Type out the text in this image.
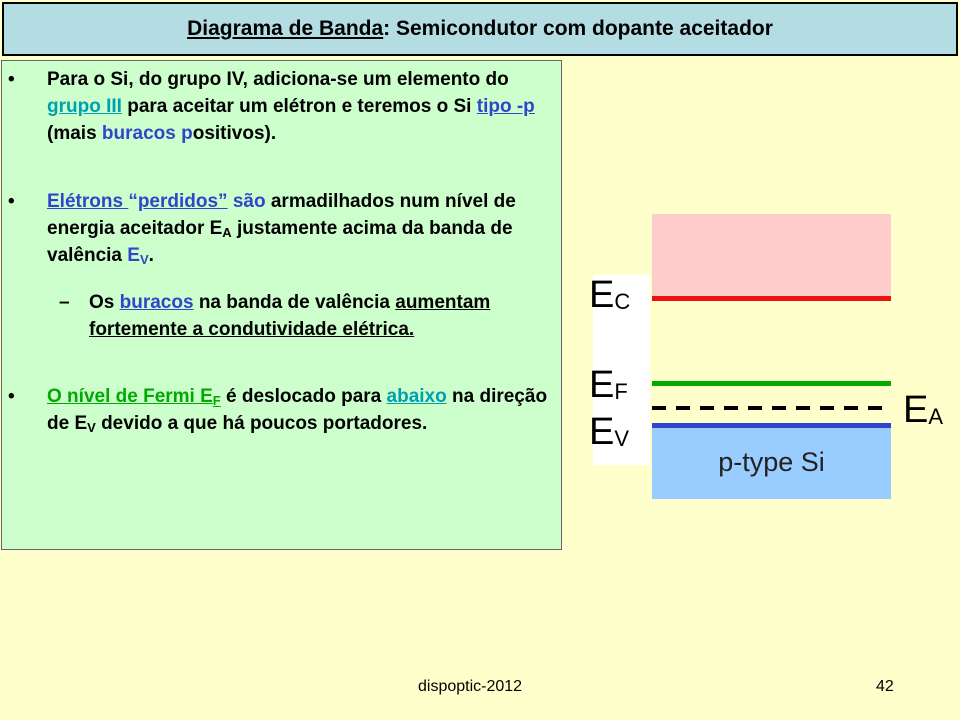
Diagrama de Banda: Semicondutor com dopante aceitador
• Para o Si, do grupo IV, adiciona-se um elemento do grupo III para aceitar um elétron e teremos o Si tipo -p (mais buracos positivos).
• Elétrons “perdidos” são armadilhados num nível de energia aceitador $E_A$ justamente acima da banda de valência $E_V$.
– Os buracos na banda de valência aumentam fortemente a condutividade elétrica.
• O nível de Fermi $E_F$ é deslocado para abaixo na direção de $E_V$ devido a que há poucos portadores.
p-type Si
$E_C$
$E_F$
$E_V$
$E_A$
dispoptic-2012	42
